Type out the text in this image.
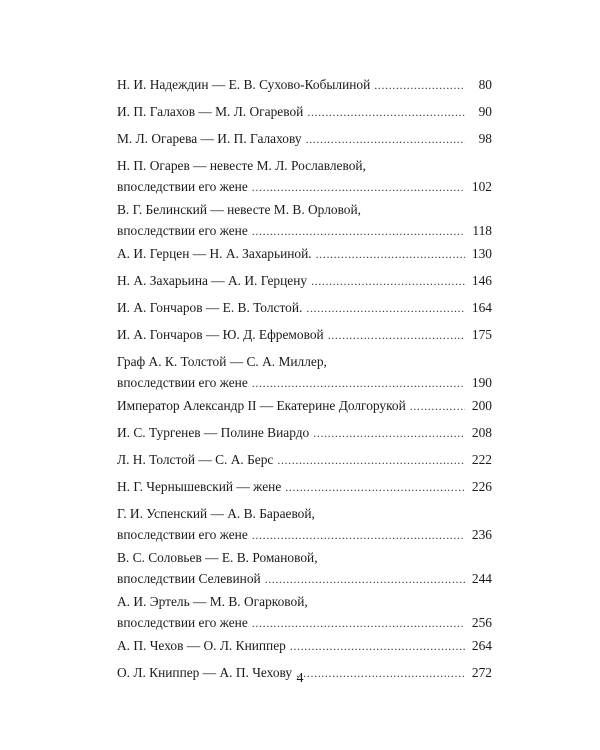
Н. И. Надеждин — Е. В. Сухово-Кобылиной . . .	80
И. П. Галахов — М. Л. Огаревой . . .	90
М. Л. Огарева — И. П. Галахову . . .	98
Н. П. Огарев — невесте М. Л. Рославлевой,
впоследствии его жене . . .	102
В. Г. Белинский — невесте М. В. Орловой,
впоследствии его жене . . .	118
А. И. Герцен — Н. А. Захарьиной. . . .	130
Н. А. Захарьина — А. И. Герцену . . .	146
И. А. Гончаров — Е. В. Толстой. . . .	164
И. А. Гончаров — Ю. Д. Ефремовой . . .	175
Граф А. К. Толстой — С. А. Миллер,
впоследствии его жене . . .	190
Император Александр II — Екатерине Долгорукой . . .	200
И. С. Тургенев — Полине Виардо . . .	208
Л. Н. Толстой — С. А. Берс . . .	222
Н. Г. Чернышевский — жене . . .	226
Г. И. Успенский — А. В. Бараевой,
впоследствии его жене . . .	236
В. С. Соловьев — Е. В. Романовой,
впоследствии Селевиной . . .	244
А. И. Эртель — М. В. Огарковой,
впоследствии его жене . . .	256
А. П. Чехов — О. Л. Книппер . . .	264
О. Л. Книппер — А. П. Чехову . . .	272
4
